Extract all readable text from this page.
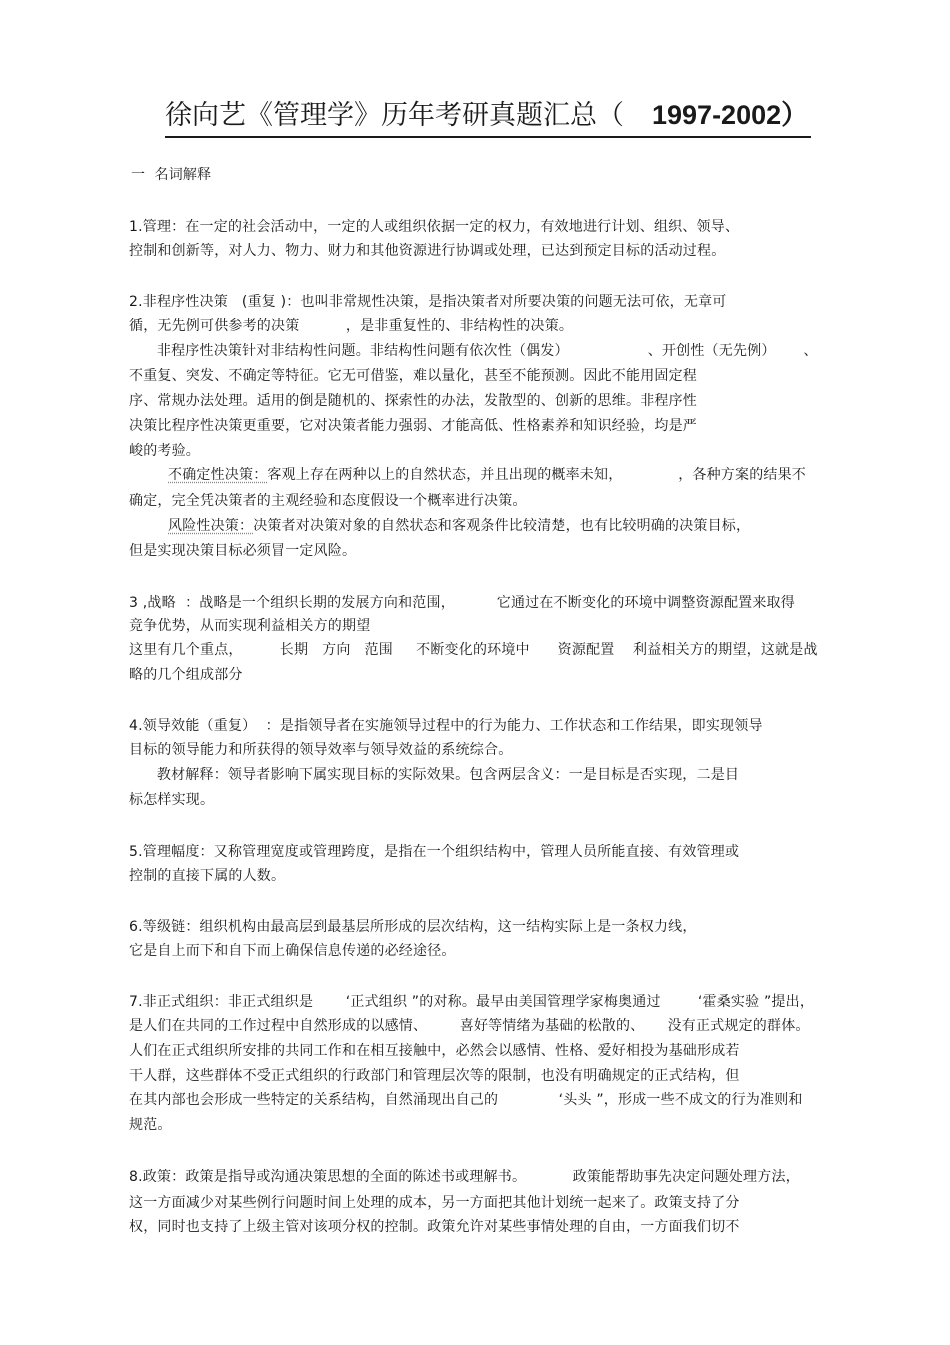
徐向艺《管理学》历年考研真题汇总（ 1997-2002）
一  名词解释
1.管理：在一定的社会活动中，一定的人或组织依据一定的权力，有效地进行计划、组织、领导、
控制和创新等，对人力、物力、财力和其他资源进行协调或处理，已达到预定目标的活动过程。
2.非程序性决策   (重复 )：也叫非常规性决策，是指决策者对所要决策的问题无法可依，无章可
循，无先例可供参考的决策          ，是非重复性的、非结构性的决策。
非程序性决策针对非结构性问题。非结构性问题有依次性（偶发）                 、开创性（无先例）      、
不重复、突发、不确定等特征。它无可借鉴，难以量化，甚至不能预测。因此不能用固定程
序、常规办法处理。适用的倒是随机的、探索性的办法，发散型的、创新的思维。非程序性
决策比程序性决策更重要，它对决策者能力强弱、才能高低、性格素养和知识经验，均是严
峻的考验。
不确定性决策：客观上存在两种以上的自然状态，并且出现的概率未知，            ，各种方案的结果不
确定，完全凭决策者的主观经验和态度假设一个概率进行决策。
风险性决策：决策者对决策对象的自然状态和客观条件比较清楚，也有比较明确的决策目标，
但是实现决策目标必须冒一定风险。
3 ,战略  ：战略是一个组织长期的发展方向和范围，         它通过在不断变化的环境中调整资源配置来取得
竞争优势，从而实现利益相关方的期望
这里有几个重点，        长期   方向   范围     不断变化的环境中      资源配置    利益相关方的期望，这就是战
略的几个组成部分
4.领导效能（重复）  ：是指领导者在实施领导过程中的行为能力、工作状态和工作结果，即实现领导
目标的领导能力和所获得的领导效率与领导效益的系统综合。
教材解释：领导者影响下属实现目标的实际效果。包含两层含义：一是目标是否实现，二是目
标怎样实现。
5.管理幅度：又称管理宽度或管理跨度，是指在一个组织结构中，管理人员所能直接、有效管理或
控制的直接下属的人数。
6.等级链：组织机构由最高层到最基层所形成的层次结构，这一结构实际上是一条权力线，
它是自上而下和自下而上确保信息传递的必经途径。
7.非正式组织：非正式组织是       ‘正式组织 ”的对称。最早由美国管理学家梅奥通过        ‘霍桑实验 ”提出，
是人们在共同的工作过程中自然形成的以感情、       喜好等情绪为基础的松散的、     没有正式规定的群体。
人们在正式组织所安排的共同工作和在相互接触中，必然会以感情、性格、爱好相投为基础形成若
干人群，这些群体不受正式组织的行政部门和管理层次等的限制，也没有明确规定的正式结构，但
在其内部也会形成一些特定的关系结构，自然涌现出自己的             ‘头头 ”，形成一些不成文的行为准则和
规范。
8.政策：政策是指导或沟通决策思想的全面的陈述书或理解书。          政策能帮助事先决定问题处理方法，
这一方面减少对某些例行问题时间上处理的成本，另一方面把其他计划统一起来了。政策支持了分
权，同时也支持了上级主管对该项分权的控制。政策允许对某些事情处理的自由，一方面我们切不
